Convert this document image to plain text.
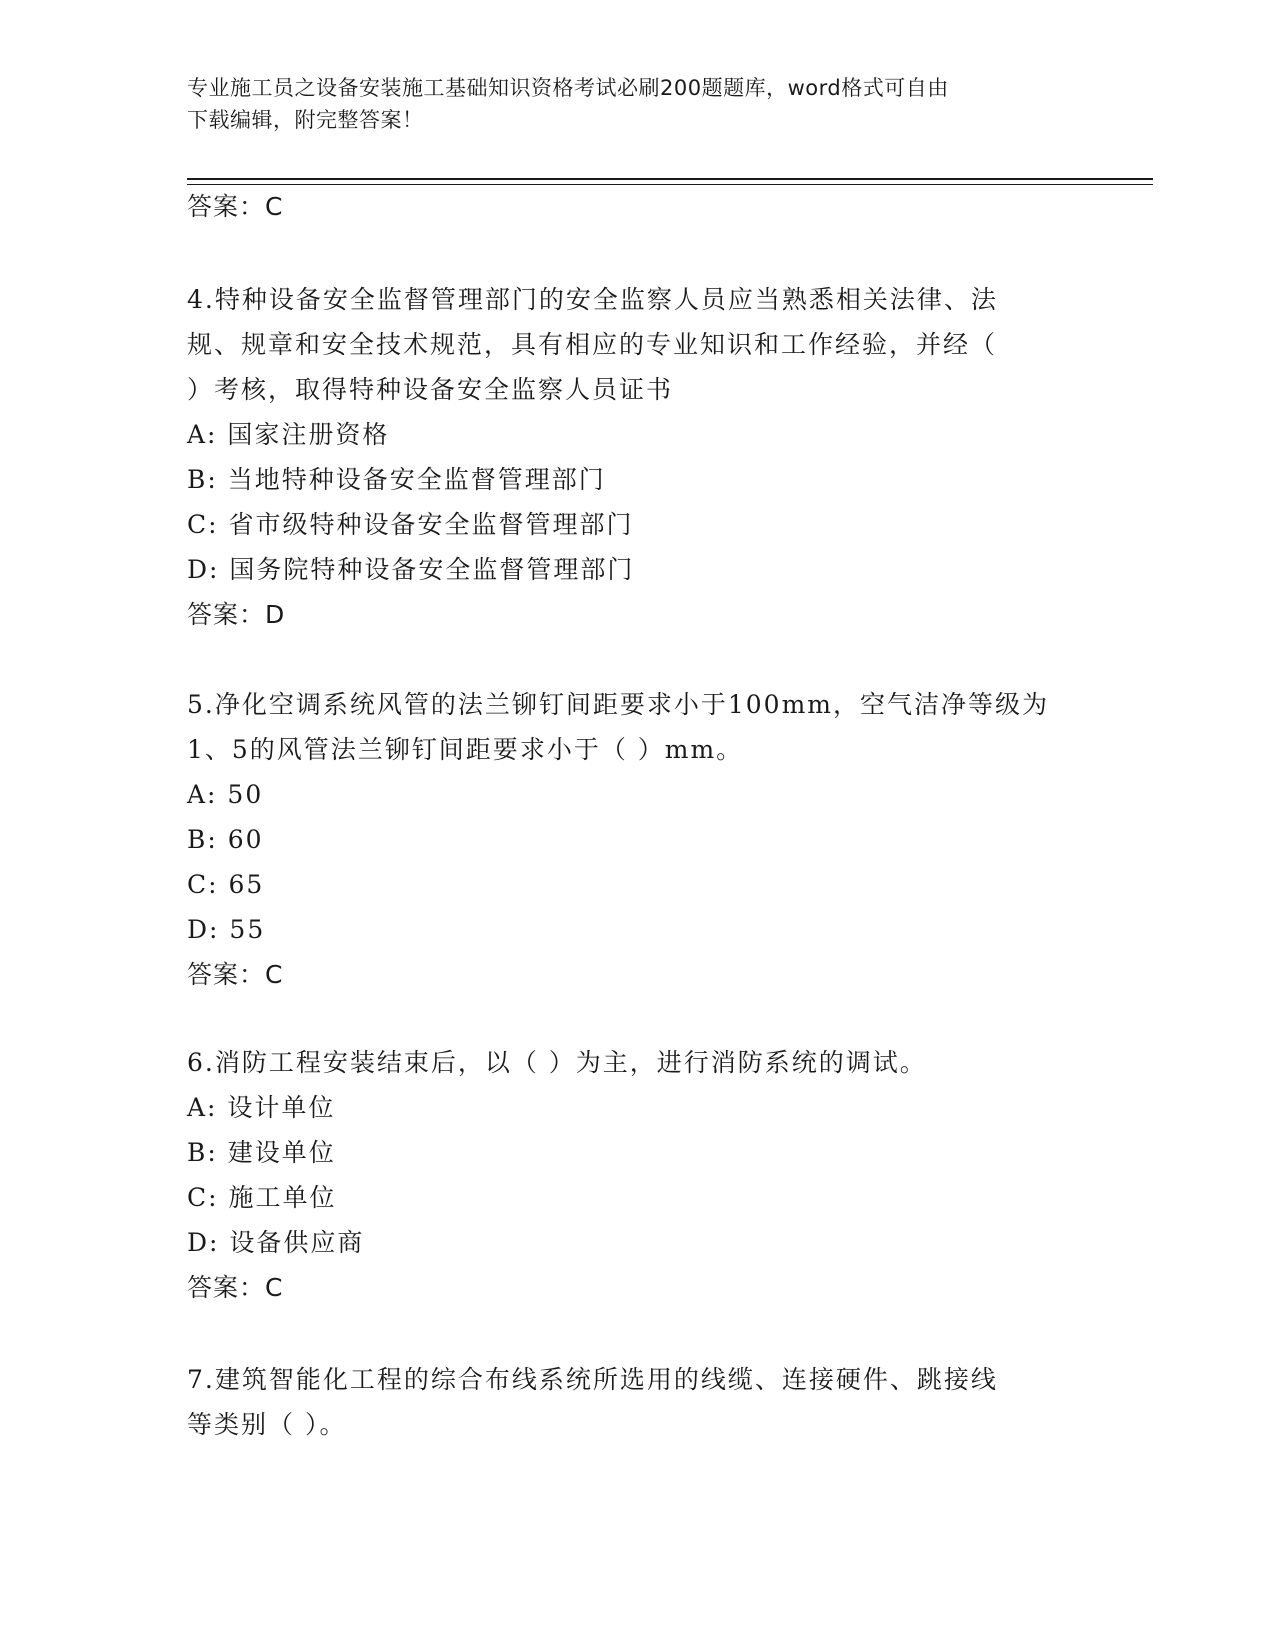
专业施工员之设备安装施工基础知识资格考试必刷200题题库，word格式可自由
下载编辑，附完整答案！
答案：C
4.特种设备安全监督管理部门的安全监察人员应当熟悉相关法律、法
规、规章和安全技术规范，具有相应的专业知识和工作经验，并经（
）考核，取得特种设备安全监察人员证书
A: 国家注册资格
B: 当地特种设备安全监督管理部门
C: 省市级特种设备安全监督管理部门
D: 国务院特种设备安全监督管理部门
答案：D
5.净化空调系统风管的法兰铆钉间距要求小于100mm，空气洁净等级为
1、5的风管法兰铆钉间距要求小于（ ）mm。
A: 50
B: 60
C: 65
D: 55
答案：C
6.消防工程安装结束后，以（ ）为主，进行消防系统的调试。
A: 设计单位
B: 建设单位
C: 施工单位
D: 设备供应商
答案：C
7.建筑智能化工程的综合布线系统所选用的线缆、连接硬件、跳接线
等类别（ ）。
